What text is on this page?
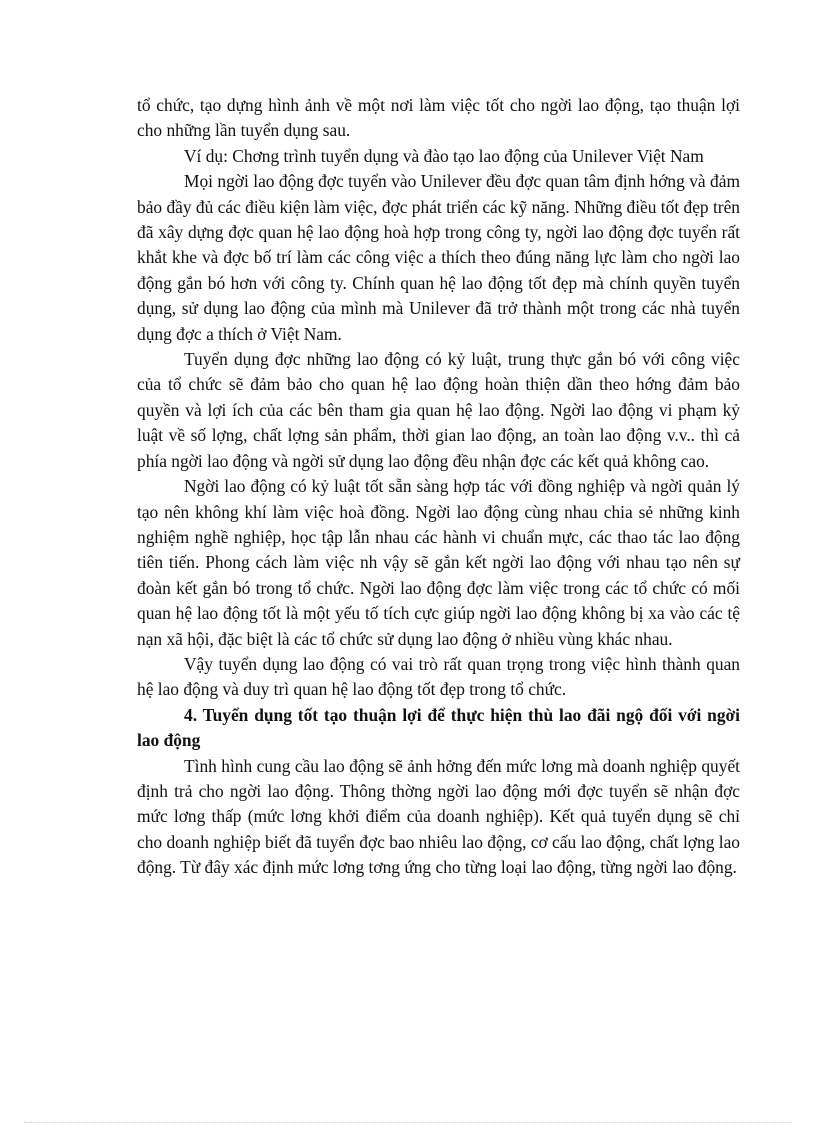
tổ chức, tạo dựng hình ảnh về một nơi làm việc tốt cho ngời lao động, tạo thuận lợi cho những lần tuyển dụng sau.

Ví dụ: Chơng trình tuyển dụng và đào tạo lao động của Unilever Việt Nam

Mọi ngời lao động đợc tuyển vào Unilever đều đợc quan tâm định hớng và đảm bảo đầy đủ các điều kiện làm việc, đợc phát triển các kỹ năng. Những điều tốt đẹp trên đã xây dựng đợc quan hệ lao động hoà hợp trong công ty, ngời lao động đợc tuyển rất khắt khe và đợc bố trí làm các công việc a thích theo đúng năng lực làm cho ngời lao động gắn bó hơn với công ty. Chính quan hệ lao động tốt đẹp mà chính quyền tuyển dụng, sử dụng lao động của mình mà Unilever đã trở thành một trong các nhà tuyển dụng đợc a thích ở Việt Nam.

Tuyển dụng đợc những lao động có kỷ luật, trung thực gắn bó với công việc của tổ chức sẽ đảm bảo cho quan hệ lao động hoàn thiện dần theo hớng đảm bảo quyền và lợi ích của các bên tham gia quan hệ lao động. Ngời lao động vi phạm kỷ luật về số lợng, chất lợng sản phẩm, thời gian lao động, an toàn lao động v.v.. thì cả phía ngời lao động và ngời sử dụng lao động đều nhận đợc các kết quả không cao.

Ngời lao động có kỷ luật tốt sẵn sàng hợp tác với đồng nghiệp và ngời quản lý tạo nên không khí làm việc hoà đồng. Ngời lao động cùng nhau chia sẻ những kinh nghiệm nghề nghiệp, học tập lẫn nhau các hành vi chuẩn mực, các thao tác lao động tiên tiến. Phong cách làm việc nh vậy sẽ gắn kết ngời lao động với nhau tạo nên sự đoàn kết gắn bó trong tổ chức. Ngời lao động đợc làm việc trong các tổ chức có mối quan hệ lao động tốt là một yếu tố tích cực giúp ngời lao động không bị xa vào các tệ nạn xã hội, đặc biệt là các tổ chức sử dụng lao động ở nhiều vùng khác nhau.

Vậy tuyển dụng lao động có vai trò rất quan trọng trong việc hình thành quan hệ lao động và duy trì quan hệ lao động tốt đẹp trong tổ chức.

4. Tuyển dụng tốt tạo thuận lợi để thực hiện thù lao đãi ngộ đối với ngời lao động

Tình hình cung cầu lao động sẽ ảnh hởng đến mức lơng mà doanh nghiệp quyết định trả cho ngời lao động. Thông thờng ngời lao động mới đợc tuyển sẽ nhận đợc mức lơng thấp (mức lơng khởi điểm của doanh nghiệp). Kết quả tuyển dụng sẽ chỉ cho doanh nghiệp biết đã tuyển đợc bao nhiêu lao động, cơ cấu lao động, chất lợng lao động. Từ đây xác định mức lơng tơng ứng cho từng loại lao động, từng ngời lao động.
